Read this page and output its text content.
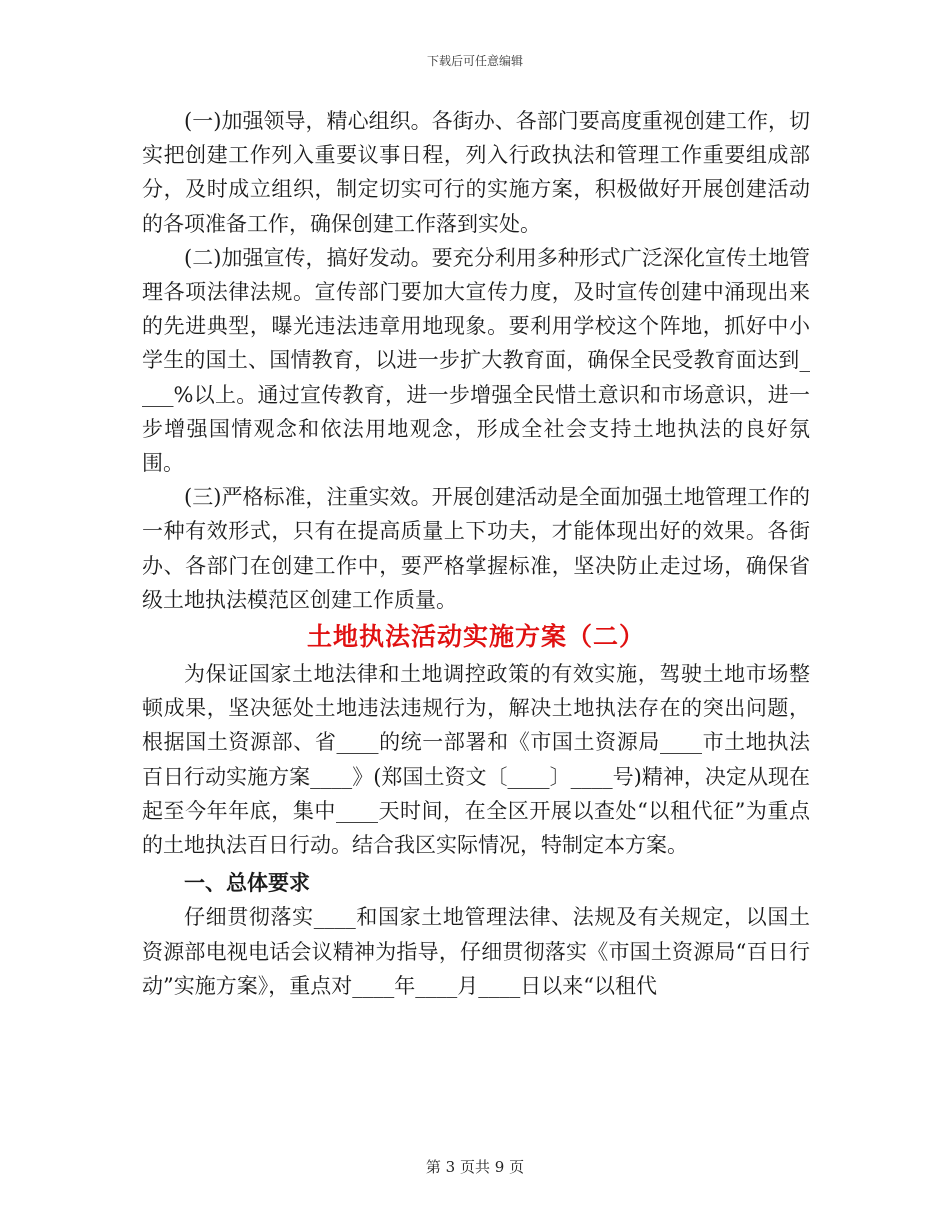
下载后可任意编辑

(一)加强领导，精心组织。各街办、各部门要高度重视创建工作，切实把创建工作列入重要议事日程，列入行政执法和管理工作重要组成部分，及时成立组织，制定切实可行的实施方案，积极做好开展创建活动的各项准备工作，确保创建工作落到实处。

(二)加强宣传，搞好发动。要充分利用多种形式广泛深化宣传土地管理各项法律法规。宣传部门要加大宣传力度，及时宣传创建中涌现出来的先进典型，曝光违法违章用地现象。要利用学校这个阵地，抓好中小学生的国土、国情教育，以进一步扩大教育面，确保全民受教育面达到____%以上。通过宣传教育，进一步增强全民惜土意识和市场意识，进一步增强国情观念和依法用地观念，形成全社会支持土地执法的良好氛围。

(三)严格标准，注重实效。开展创建活动是全面加强土地管理工作的一种有效形式，只有在提高质量上下功夫，才能体现出好的效果。各街办、各部门在创建工作中，要严格掌握标准，坚决防止走过场，确保省级土地执法模范区创建工作质量。

土地执法活动实施方案（二）

为保证国家土地法律和土地调控政策的有效实施，驾驶土地市场整顿成果，坚决惩处土地违法违规行为，解决土地执法存在的突出问题，根据国土资源部、省____的统一部署和《市国土资源局____市土地执法百日行动实施方案____》(郑国土资文〔____〕____号)精神，决定从现在起至今年年底，集中____天时间，在全区开展以查处“以租代征”为重点的土地执法百日行动。结合我区实际情况，特制定本方案。

一、总体要求

仔细贯彻落实____和国家土地管理法律、法规及有关规定，以国土资源部电视电话会议精神为指导，仔细贯彻落实《市国土资源局“百日行动”实施方案》，重点对____年____月____日以来“以租代

第 3 页共 9 页
